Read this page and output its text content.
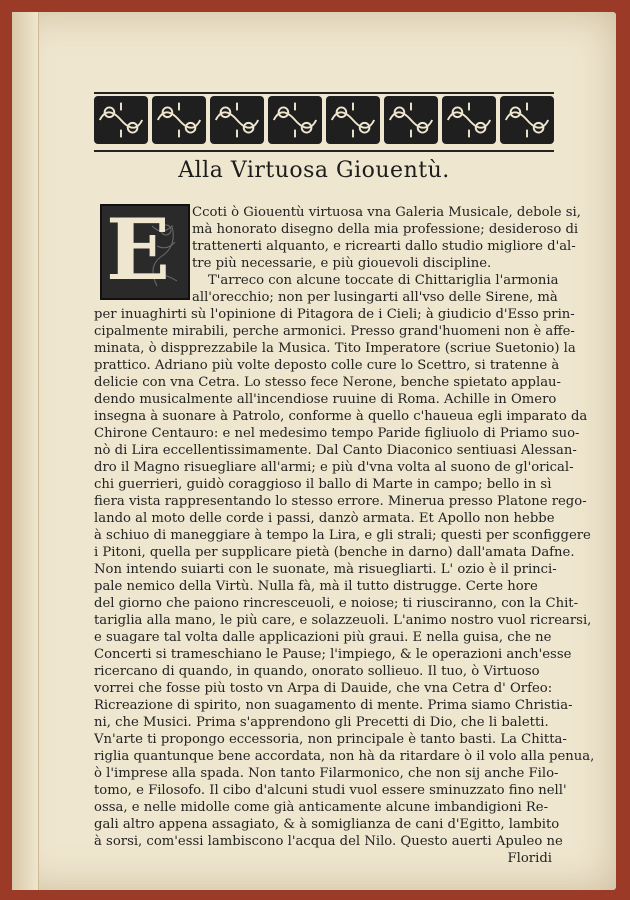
Alla Virtuosa Giouentù.
E Ccoti ò Giouentù virtuosa vna Galeria Musicale, debole si,
mà honorato disegno della mia professione; desideroso di
trattenerti alquanto, e ricrearti dallo studio migliore d'al-
tre più necessarie, e più giouevoli discipline.
T'arreco con alcune toccate di Chittariglia l'armonia
all'orecchio; non per lusingarti all'vso delle Sirene, mà
per inuaghirti sù l'opinione di Pitagora de i Cieli; à giudicio d'Esso prin-
cipalmente mirabili, perche armonici. Presso grand'huomeni non è affe-
minata, ò dispprezzabile la Musica. Tito Imperatore (scriue Suetonio) la
prattico. Adriano più volte deposto colle cure lo Scettro, si tratenne à
delicie con vna Cetra. Lo stesso fece Nerone, benche spietato applau-
dendo musicalmente all'incendiose ruuine di Roma. Achille in Omero
insegna à suonare à Patrolo, conforme à quello c'haueua egli imparato da
Chirone Centauro: e nel medesimo tempo Paride figliuolo di Priamo suo-
nò di Lira eccellentissimamente. Dal Canto Diaconico sentiuasi Alessan-
dro il Magno risuegliare all'armi; e più d'vna volta al suono de gl'orical-
chi guerrieri, guidò coraggioso il ballo di Marte in campo; bello in sì
fiera vista rappresentando lo stesso errore. Minerua presso Platone rego-
lando al moto delle corde i passi, danzò armata. Et Apollo non hebbe
à schiuo di maneggiare à tempo la Lira, e gli strali; questi per sconfiggere
i Pitoni, quella per supplicare pietà (benche in darno) dall'amata Dafne.
Non intendo suiarti con le suonate, mà risuegliarti. L' ozio è il princi-
pale nemico della Virtù. Nulla fà, mà il tutto distrugge. Certe hore
del giorno che paiono rincresceuoli, e noiose; ti riusciranno, con la Chit-
tariglia alla mano, le più care, e solazzeuoli. L'animo nostro vuol ricrearsi,
e suagare tal volta dalle applicazioni più graui. E nella guisa, che ne
Concerti si trameschiano le Pause; l'impiego, & le operazioni anch'esse
ricercano di quando, in quando, onorato sollieuo. Il tuo, ò Virtuoso
vorrei che fosse più tosto vn Arpa di Dauide, che vna Cetra d' Orfeo:
Ricreazione di spirito, non suagamento di mente. Prima siamo Christia-
ni, che Musici. Prima s'apprendono gli Precetti di Dio, che li baletti.
Vn'arte ti propongo eccessoria, non principale è tanto basti. La Chitta-
riglia quantunque bene accordata, non hà da ritardare ò il volo alla penua,
ò l'imprese alla spada. Non tanto Filarmonico, che non sij anche Filo-
tomo, e Filosofo. Il cibo d'alcuni studi vuol essere sminuzzato fino nell'
ossa, e nelle midolle come già anticamente alcune imbandigioni Re-
gali altro appena assagiato, & à somiglianza de cani d'Egitto, lambito
à sorsi, com'essi lambiscono l'acqua del Nilo. Questo auerti Apuleo ne
Floridi
